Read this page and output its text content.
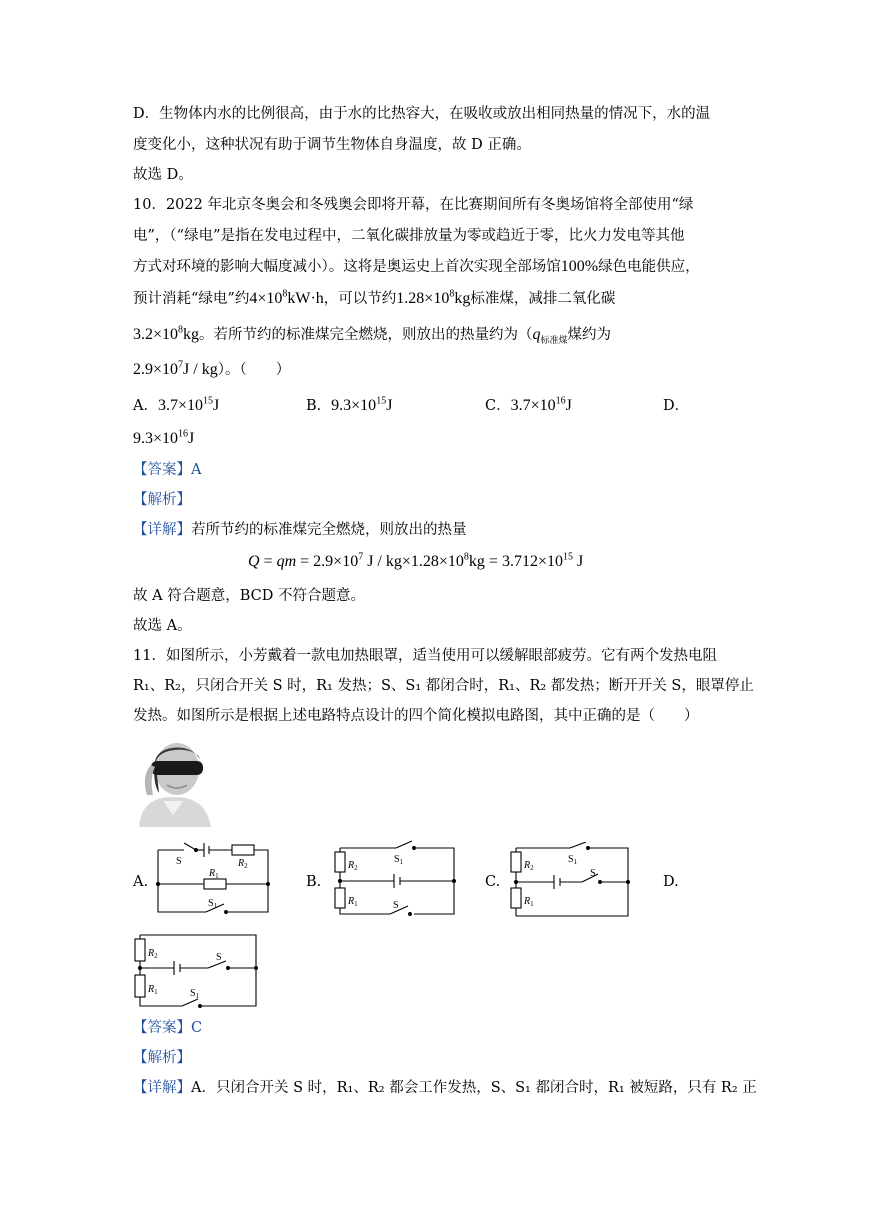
D．生物体内水的比例很高，由于水的比热容大，在吸收或放出相同热量的情况下，水的温
度变化小，这种状况有助于调节生物体自身温度，故 D 正确。
故选 D。
10．2022 年北京冬奥会和冬残奥会即将开幕，在比赛期间所有冬奥场馆将全部使用“绿
电”，（“绿电”是指在发电过程中，二氧化碳排放量为零或趋近于零，比火力发电等其他
方式对环境的影响大幅度减小）。这将是奥运史上首次实现全部场馆100%绿色电能供应，
预计消耗“绿电”约$4\times 10^8kW\cdot h$，可以节约$1.28\times 10^8kg$标准煤，减排二氧化碳
$3.2\times 10^8kg$。若所节约的标准煤完全燃烧，则放出的热量约为（$q_{标准煤}$煤约为
$2.9\times 10^7J / kg$）。（　　）
A．$3.7\times 10^{15}J$	B．$9.3\times 10^{15}J$	C．$3.7\times 10^{16}J$	D．
$9.3\times 10^{16}J$
【答案】A
【解析】
【详解】若所节约的标准煤完全燃烧，则放出的热量
Q = qm = $2.9\times 10^7$ $J / kg\times 1.28\times 10^8kg = 3.712\times 10^{15}$ J
故 A 符合题意，BCD 不符合题意。
故选 A。
11．如图所示，小芳戴着一款电加热眼罩，适当使用可以缓解眼部疲劳。它有两个发热电阻
R₁、R₂，只闭合开关 S 时，R₁ 发热；S、S₁ 都闭合时，R₁、R₂ 都发热；断开开关 S，眼罩停止
发热。如图所示是根据上述电路特点设计的四个简化模拟电路图，其中正确的是（　　）
S	$R_2$
$R_1$
$S_1$
A.
$R_2$
$R_1$
$S_1$
S
B.
$R_2$
$R_1$
$S_1$
S
C.	D.
$R_2$
$R_1$
S
$S_1$
【答案】C
【解析】
【详解】A．只闭合开关 S 时，R₁、R₂ 都会工作发热，S、S₁ 都闭合时，R₁ 被短路，只有 R₂ 正
